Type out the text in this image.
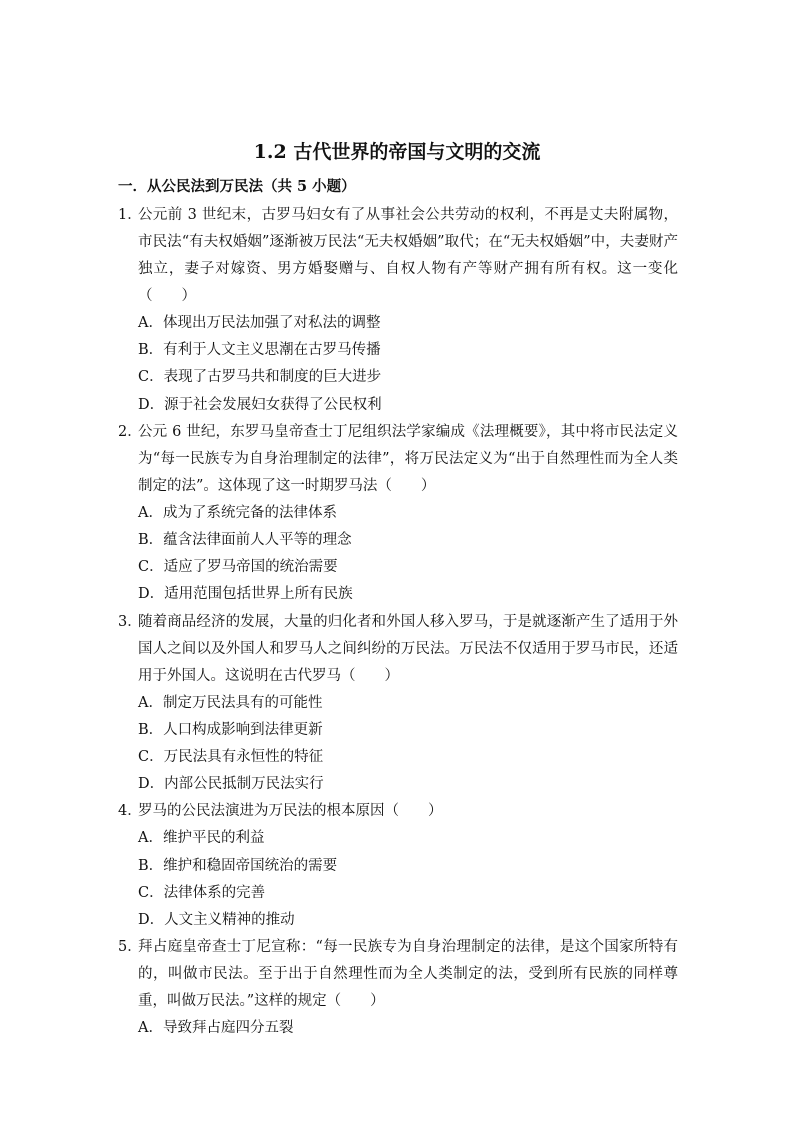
1.2 古代世界的帝国与文明的交流
一．从公民法到万民法（共 5 小题）
1．
公元前 3 世纪末，古罗马妇女有了从事社会公共劳动的权利，不再是丈夫附属物，市民法“有夫权婚姻”逐渐被万民法“无夫权婚姻”取代；在“无夫权婚姻”中，夫妻财产独立，妻子对嫁资、男方婚娶赠与、自权人物有产等财产拥有所有权。这一变化（　　）
A．体现出万民法加强了对私法的调整
B．有利于人文主义思潮在古罗马传播
C．表现了古罗马共和制度的巨大进步
D．源于社会发展妇女获得了公民权利
2．
公元 6 世纪，东罗马皇帝查士丁尼组织法学家编成《法理概要》，其中将市民法定义为“每一民族专为自身治理制定的法律”，将万民法定义为“出于自然理性而为全人类制定的法”。这体现了这一时期罗马法（　　）
A．成为了系统完备的法律体系
B．蕴含法律面前人人平等的理念
C．适应了罗马帝国的统治需要
D．适用范围包括世界上所有民族
3．
随着商品经济的发展，大量的归化者和外国人移入罗马，于是就逐渐产生了适用于外国人之间以及外国人和罗马人之间纠纷的万民法。万民法不仅适用于罗马市民，还适用于外国人。这说明在古代罗马（　　）
A．制定万民法具有的可能性
B．人口构成影响到法律更新
C．万民法具有永恒性的特征
D．内部公民抵制万民法实行
4．
罗马的公民法演进为万民法的根本原因（　　）
A．维护平民的利益
B．维护和稳固帝国统治的需要
C．法律体系的完善
D．人文主义精神的推动
5．
拜占庭皇帝查士丁尼宣称：“每一民族专为自身治理制定的法律，是这个国家所特有的，叫做市民法。至于出于自然理性而为全人类制定的法，受到所有民族的同样尊重，叫做万民法。”这样的规定（　　）
A．导致拜占庭四分五裂
